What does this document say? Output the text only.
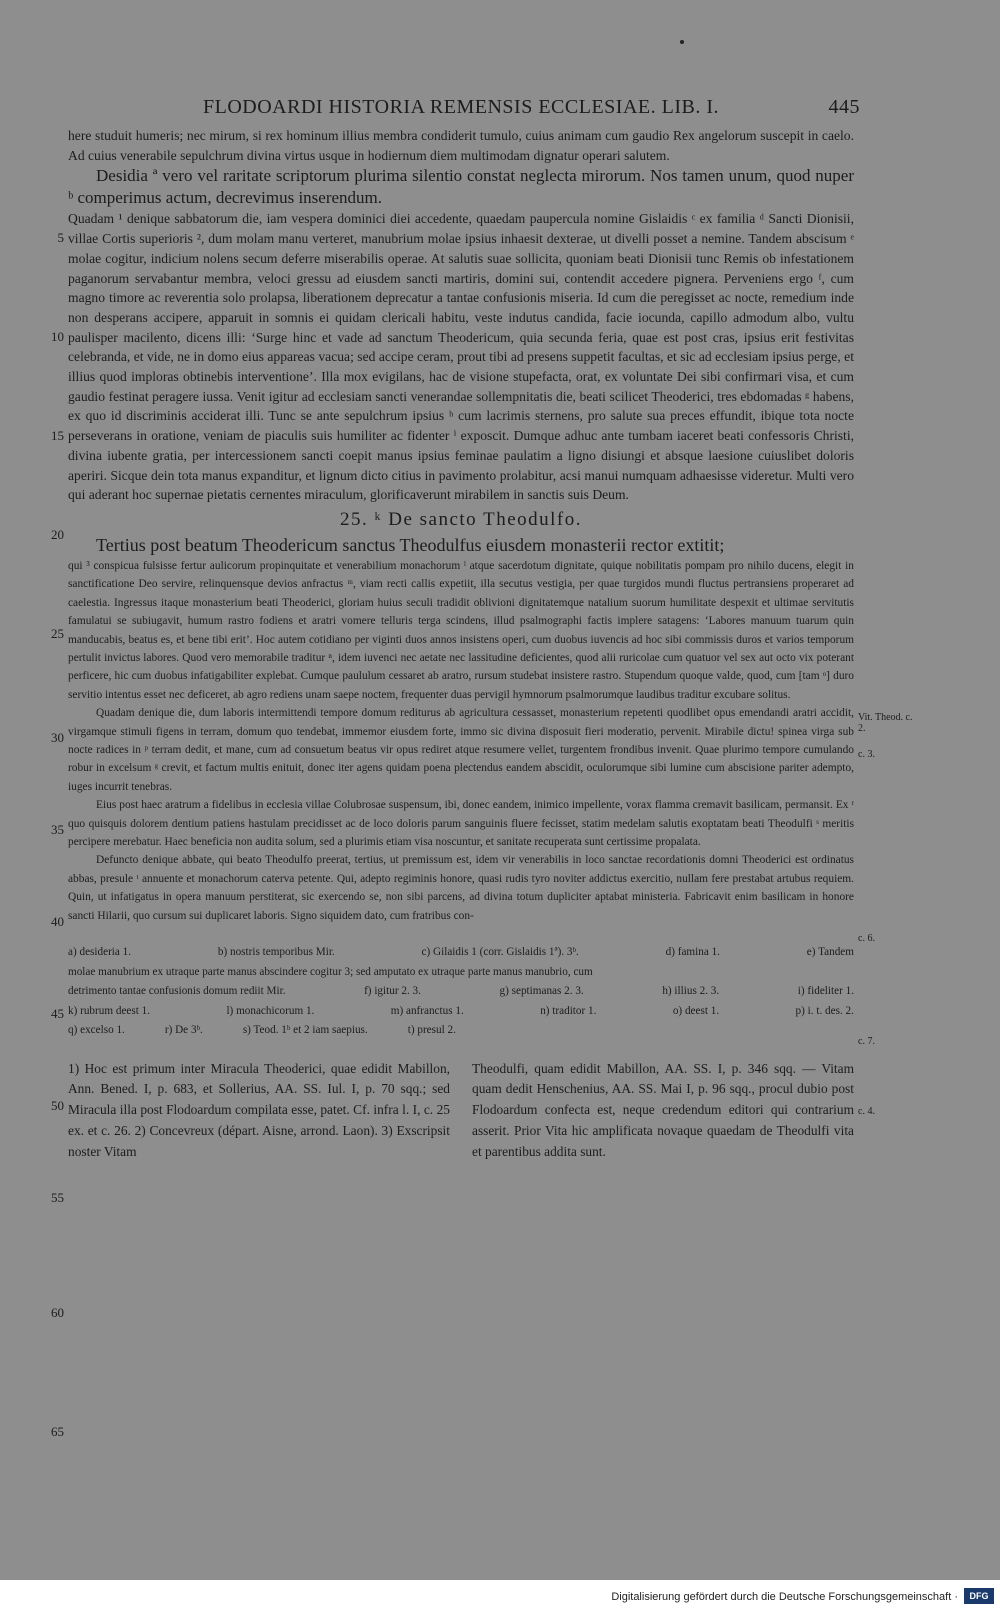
FLODOARDI HISTORIA REMENSIS ECCLESIAE. LIB. I.	445
5
10
15
20
25
30
35
40
45
50
55
60
65
Vit. Theod. c. 2.
c. 3.
c. 6.
c. 7.
c. 4.

here studuit humeris; nec mirum, si rex hominum illius membra condiderit tumulo, cuius animam cum gaudio Rex angelorum suscepit in caelo. Ad cuius venerabile sepulchrum divina virtus usque in hodiernum diem multimodam dignatur operari salutem.

Desidia ª vero vel raritate scriptorum plurima silentio constat neglecta mirorum. Nos tamen unum, quod nuper ᵇ comperimus actum, decrevimus inserendum.

Quadam ¹ denique sabbatorum die, iam vespera dominici diei accedente, quaedam paupercula nomine Gislaidis ᶜ ex familia ᵈ Sancti Dionisii, villae Cortis superioris ², dum molam manu verteret, manubrium molae ipsius inhaesit dexterae, ut divelli posset a nemine. Tandem abscisum ᵉ molae cogitur, indicium nolens secum deferre miserabilis operae. At salutis suae sollicita, quoniam beati Dionisii tunc Remis ob infestationem paganorum servabantur membra, veloci gressu ad eiusdem sancti martiris, domini sui, contendit accedere pignera. Perveniens ergo ᶠ, cum magno timore ac reverentia solo prolapsa, liberationem deprecatur a tantae confusionis miseria. Id cum die peregisset ac nocte, remedium inde non desperans accipere, apparuit in somnis ei quidam clericali habitu, veste indutus candida, facie iocunda, capillo admodum albo, vultu paulisper macilento, dicens illi: ‘Surge hinc et vade ad sanctum Theodericum, quia secunda feria, quae est post cras, ipsius erit festivitas celebranda, et vide, ne in domo eius appareas vacua; sed accipe ceram, prout tibi ad presens suppetit facultas, et sic ad ecclesiam ipsius perge, et illius quod imploras obtinebis interventione’. Illa mox evigilans, hac de visione stupefacta, orat, ex voluntate Dei sibi confirmari visa, et cum gaudio festinat peragere iussa. Venit igitur ad ecclesiam sancti venerandae sollempnitatis die, beati scilicet Theoderici, tres ebdomadas ᵍ habens, ex quo id discriminis acciderat illi. Tunc se ante sepulchrum ipsius ʰ cum lacrimis sternens, pro salute sua preces effundit, ibique tota nocte perseverans in oratione, veniam de piaculis suis humiliter ac fidenter ⁱ exposcit. Dumque adhuc ante tumbam iaceret beati confessoris Christi, divina iubente gratia, per intercessionem sancti coepit manus ipsius feminae paulatim a ligno disiungi et absque laesione cuiuslibet doloris aperiri. Sicque dein tota manus expanditur, et lignum dicto citius in pavimento prolabitur, acsi manui numquam adhaesisse videretur. Multi vero qui aderant hoc supernae pietatis cernentes miraculum, glorificaverunt mirabilem in sanctis suis Deum.

25. ᵏ De sancto Theodulfo.

Tertius post beatum Theodericum sanctus Theodulfus eiusdem monasterii rector extitit;

qui ³ conspicua fulsisse fertur aulicorum propinquitate et venerabilium monachorum ˡ atque sacerdotum dignitate, quique nobilitatis pompam pro nihilo ducens, elegit in sanctificatione Deo servire, relinquensque devios anfractus ᵐ, viam recti callis expetiit, illa secutus vestigia, per quae turgidos mundi fluctus pertransiens properaret ad caelestia. Ingressus itaque monasterium beati Theoderici, gloriam huius seculi tradidit oblivioni dignitatemque natalium suorum humilitate despexit et ultimae servitutis famulatui se subiugavit, humum rastro fodiens et aratri vomere telluris terga scindens, illud psalmographi factis implere satagens: ‘Labores manuum tuarum quin manducabis, beatus es, et bene tibi erit’. Hoc autem cotidiano per viginti duos annos insistens operi, cum duobus iuvencis ad hoc sibi commissis duros et varios temporum pertulit invictus labores. Quod vero memorabile traditur ⁿ, idem iuvenci nec aetate nec lassitudine deficientes, quod alii ruricolae cum quatuor vel sex aut octo vix poterant perficere, hic cum duobus infatigabiliter explebat. Cumque paululum cessaret ab aratro, rursum studebat insistere rastro. Stupendum quoque valde, quod, cum [tam ᵒ] duro servitio intentus esset nec deficeret, ab agro rediens unam saepe noctem, frequenter duas pervigil hymnorum psalmorumque laudibus traditur excubare solitus.

Quadam denique die, dum laboris intermittendi tempore domum rediturus ab agricultura cessasset, monasterium repetenti quodlibet opus emendandi aratri accidit, virgamque stimuli figens in terram, domum quo tendebat, immemor eiusdem forte, immo sic divina disposuit fieri moderatio, pervenit. Mirabile dictu! spinea virga sub nocte radices in ᵖ terram dedit, et mane, cum ad consuetum beatus vir opus rediret atque resumere vellet, turgentem frondibus invenit. Quae plurimo tempore cumulando robur in excelsum ᵍ crevit, et factum multis enituit, donec iter agens quidam poena plectendus eandem abscidit, oculorumque sibi lumine cum abscisione pariter adempto, iuges incurrit tenebras.

Eius post haec aratrum a fidelibus in ecclesia villae Colubrosae suspensum, ibi, donec eandem, inimico impellente, vorax flamma cremavit basilicam, permansit. Ex ʳ quo quisquis dolorem dentium patiens hastulam precidisset ac de loco doloris parum sanguinis fluere fecisset, statim medelam salutis exoptatam beati Theodulfi ˢ meritis percipere merebatur. Haec beneficia non audita solum, sed a plurimis etiam visa noscuntur, et sanitate recuperata sunt certissime propalata.

Defuncto denique abbate, qui beato Theodulfo preerat, tertius, ut premissum est, idem vir venerabilis in loco sanctae recordationis domni Theoderici est ordinatus abbas, presule ᵗ annuente et monachorum caterva petente. Qui, adepto regiminis honore, quasi rudis tyro noviter addictus exercitio, nullam fere prestabat artubus requiem. Quin, ut infatigatus in opera manuum perstiterat, sic exercendo se, non sibi parcens, ad divina totum dupliciter aptabat ministeria. Fabricavit enim basilicam in honore sancti Hilarii, quo cursum sui duplicaret laboris. Signo siquidem dato, cum fratribus con-

a) desideria 1.	b) nostris temporibus Mir.	c) Gilaidis 1 (corr. Gislaidis 1ª). 3ᵇ.	d) famina 1.	e) Tandem
molae manubrium ex utraque parte manus abscindere cogitur 3; sed amputato ex utraque parte manus manubrio, cum
detrimento tantae confusionis domum rediit Mir.	f) igitur 2. 3.	g) septimanas 2. 3.	h) illius 2. 3.	i) fideliter 1.
k) rubrum deest 1.	l) monachicorum 1.	m) anfranctus 1.	n) traditor 1.	o) deest 1.	p) i. t. des. 2.
q) excelso 1.	r) De 3ᵇ.	s) Teod. 1ᵇ et 2 iam saepius.	t) presul 2.
1) Hoc est primum inter Miracula Theoderici, quae edidit Mabillon, Ann. Bened. I, p. 683, et Sollerius, AA. SS. Iul. I, p. 70 sqq.; sed Miracula illa post Flodoardum compilata esse, patet. Cf. infra l. I, c. 25 ex. et c. 26. 2) Concevreux (départ. Aisne, arrond. Laon). 3) Exscripsit noster Vitam
Theodulfi, quam edidit Mabillon, AA. SS. I, p. 346 sqq. — Vitam quam dedit Henschenius, AA. SS. Mai I, p. 96 sqq., procul dubio post Flodoardum confecta est, neque credendum editori qui contrarium asserit. Prior Vita hic amplificata novaque quaedam de Theodulfi vita et parentibus addita sunt.
Digitalisierung gefördert durch die Deutsche Forschungsgemeinschaft ·	DFG
